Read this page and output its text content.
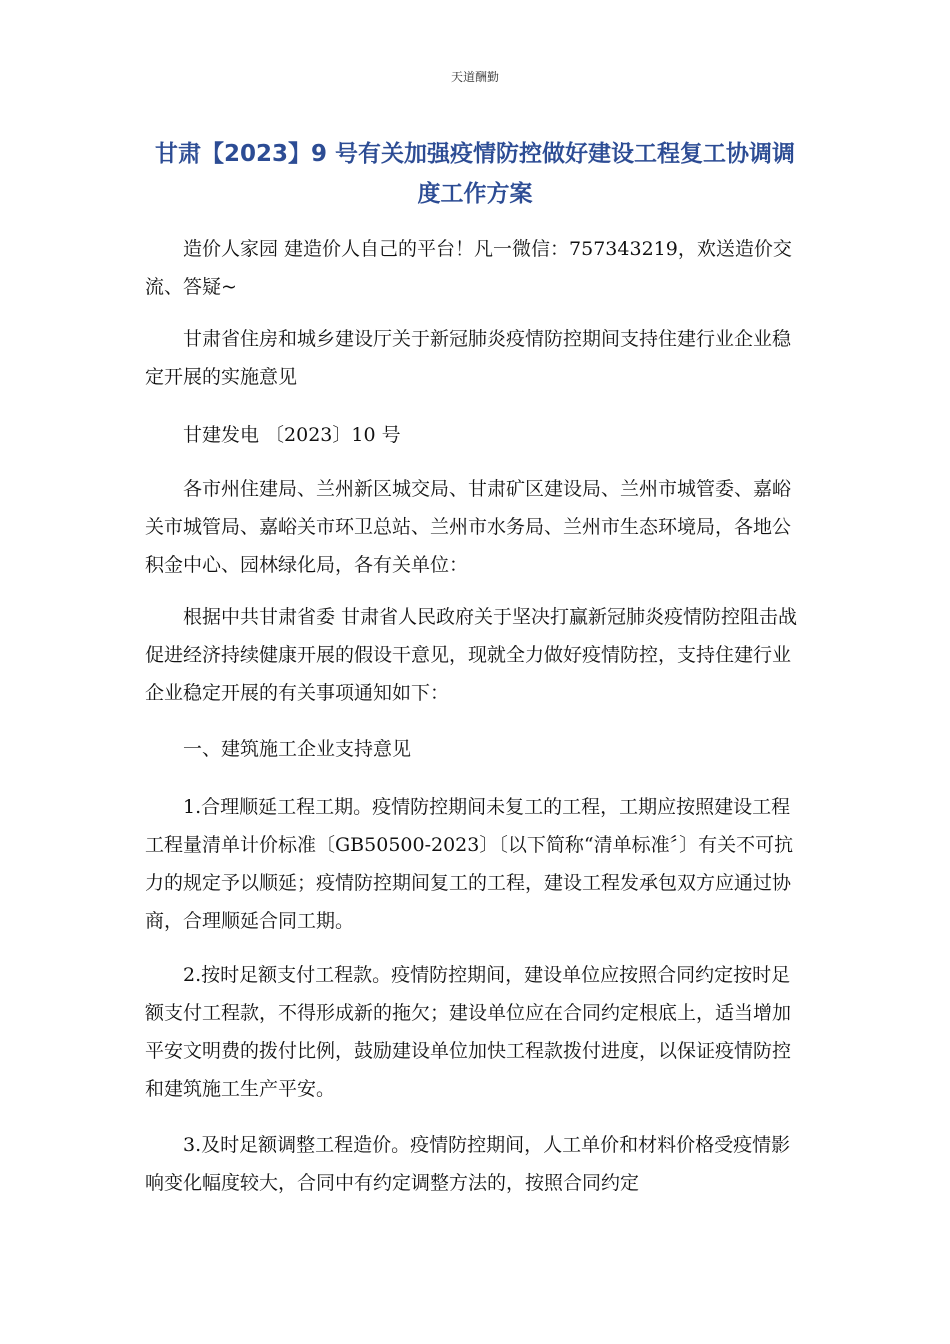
天道酬勤
甘肃【2023】9 号有关加强疫情防控做好建设工程复工协调调
度工作方案

造价人家园 建造价人自己的平台！凡一微信：757343219，欢送造价交流、答疑~

甘肃省住房和城乡建设厅关于新冠肺炎疫情防控期间支持住建行业企业稳定开展的实施意见

甘建发电 〔2023〕10 号

各市州住建局、兰州新区城交局、甘肃矿区建设局、兰州市城管委、嘉峪关市城管局、嘉峪关市环卫总站、兰州市水务局、兰州市生态环境局，各地公积金中心、园林绿化局，各有关单位：

根据中共甘肃省委 甘肃省人民政府关于坚决打赢新冠肺炎疫情防控阻击战促进经济持续健康开展的假设干意见，现就全力做好疫情防控，支持住建行业企业稳定开展的有关事项通知如下：

一、建筑施工企业支持意见

1.合理顺延工程工期。疫情防控期间未复工的工程，工期应按照建设工程工程量清单计价标准〔GB50500-2023〕〔以下简称“清单标准〞〕有关不可抗力的规定予以顺延；疫情防控期间复工的工程，建设工程发承包双方应通过协商，合理顺延合同工期。

2.按时足额支付工程款。疫情防控期间，建设单位应按照合同约定按时足额支付工程款，不得形成新的拖欠；建设单位应在合同约定根底上，适当增加平安文明费的拨付比例，鼓励建设单位加快工程款拨付进度，以保证疫情防控和建筑施工生产平安。

3.及时足额调整工程造价。疫情防控期间，人工单价和材料价格受疫情影响变化幅度较大，合同中有约定调整方法的，按照合同约定
